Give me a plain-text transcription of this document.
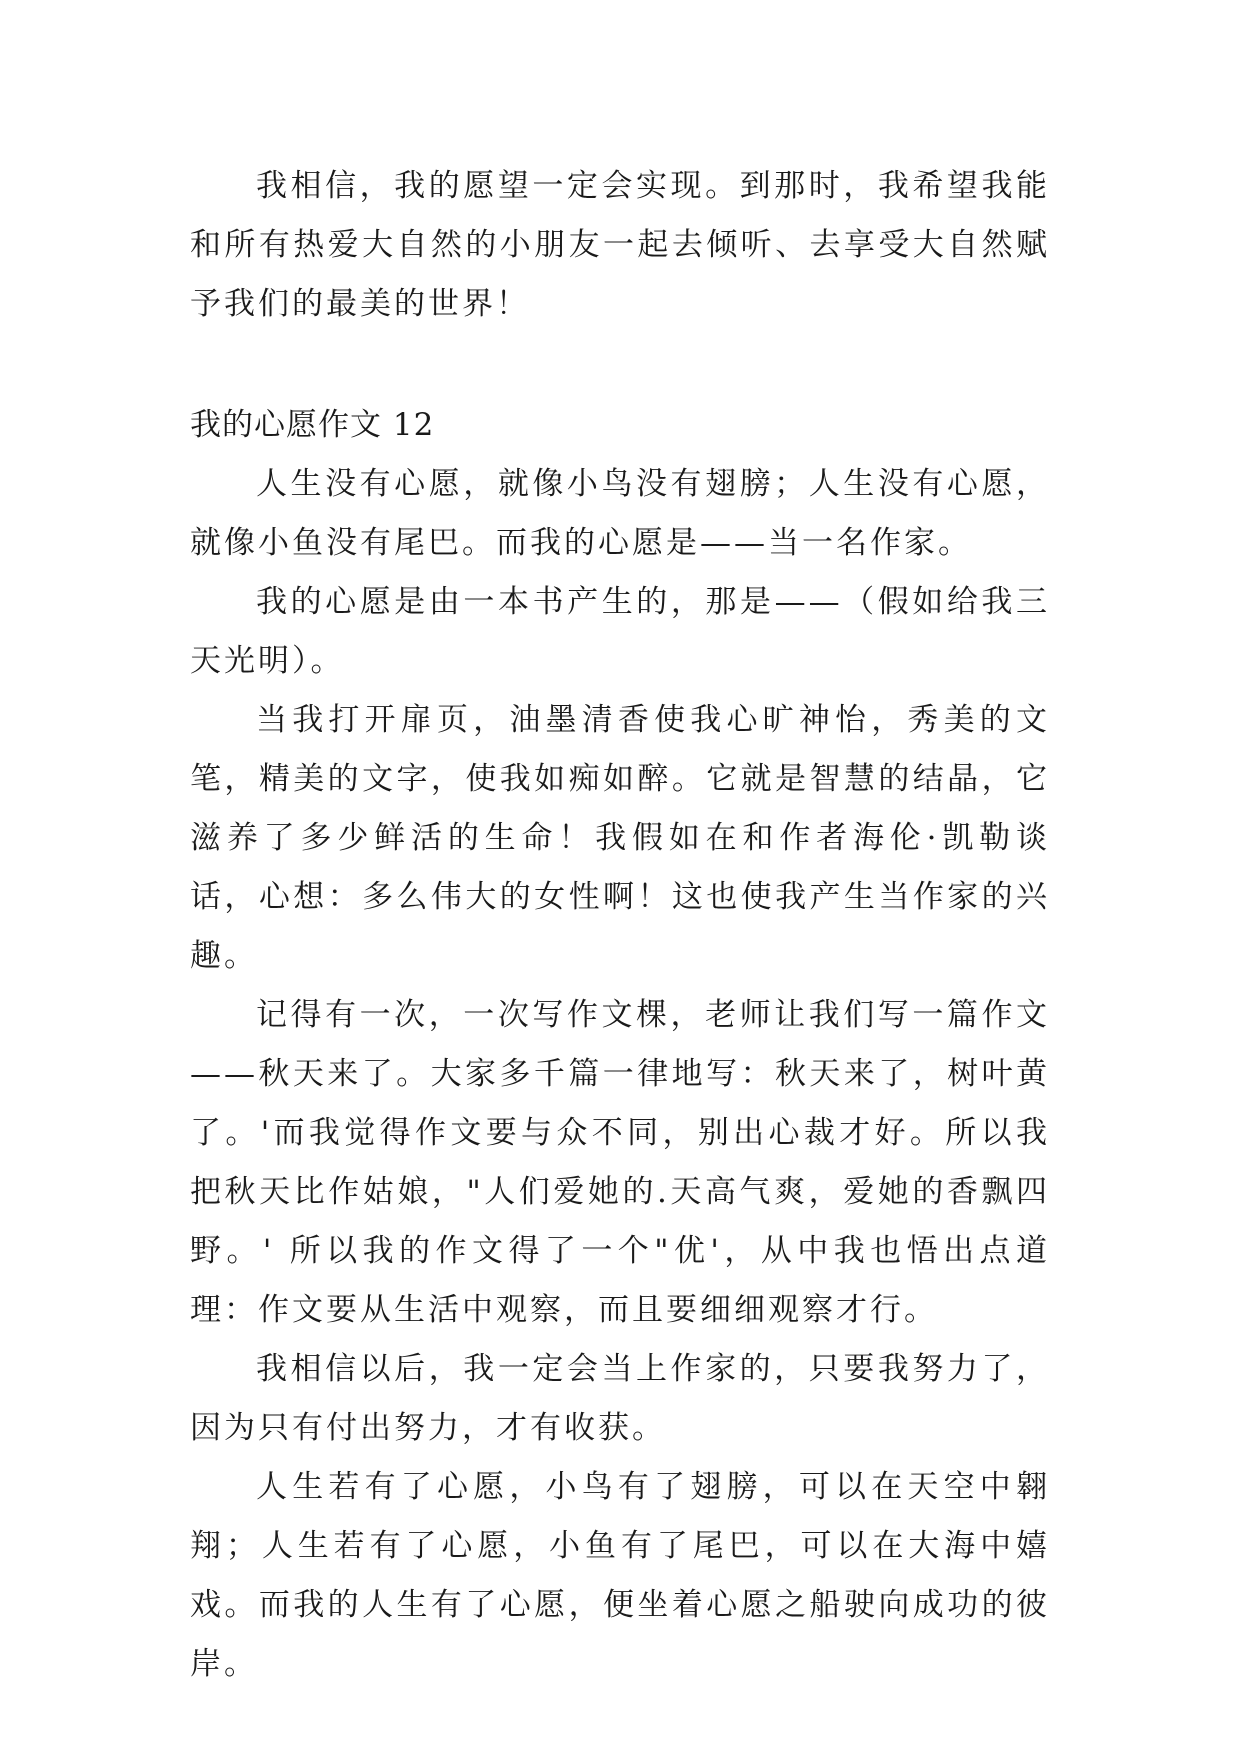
我相信，我的愿望一定会实现。到那时，我希望我能和所有热爱大自然的小朋友一起去倾听、去享受大自然赋予我们的最美的世界！

我的心愿作文 12

人生没有心愿，就像小鸟没有翅膀；人生没有心愿，就像小鱼没有尾巴。而我的心愿是——当一名作家。

我的心愿是由一本书产生的，那是——（假如给我三天光明）。

当我打开扉页，油墨清香使我心旷神怡，秀美的文笔，精美的文字，使我如痴如醉。它就是智慧的结晶，它滋养了多少鲜活的生命！我假如在和作者海伦·凯勒谈话，心想：多么伟大的女性啊！这也使我产生当作家的兴趣。

记得有一次，一次写作文棵，老师让我们写一篇作文——秋天来了。大家多千篇一律地写：秋天来了，树叶黄了。'而我觉得作文要与众不同，别出心裁才好。所以我把秋天比作姑娘，"人们爱她的.天高气爽，爱她的香飘四野。' 所以我的作文得了一个"优'，从中我也悟出点道理：作文要从生活中观察，而且要细细观察才行。

我相信以后，我一定会当上作家的，只要我努力了，因为只有付出努力，才有收获。

人生若有了心愿，小鸟有了翅膀，可以在天空中翱翔；人生若有了心愿，小鱼有了尾巴，可以在大海中嬉戏。而我的人生有了心愿，便坐着心愿之船驶向成功的彼岸。
